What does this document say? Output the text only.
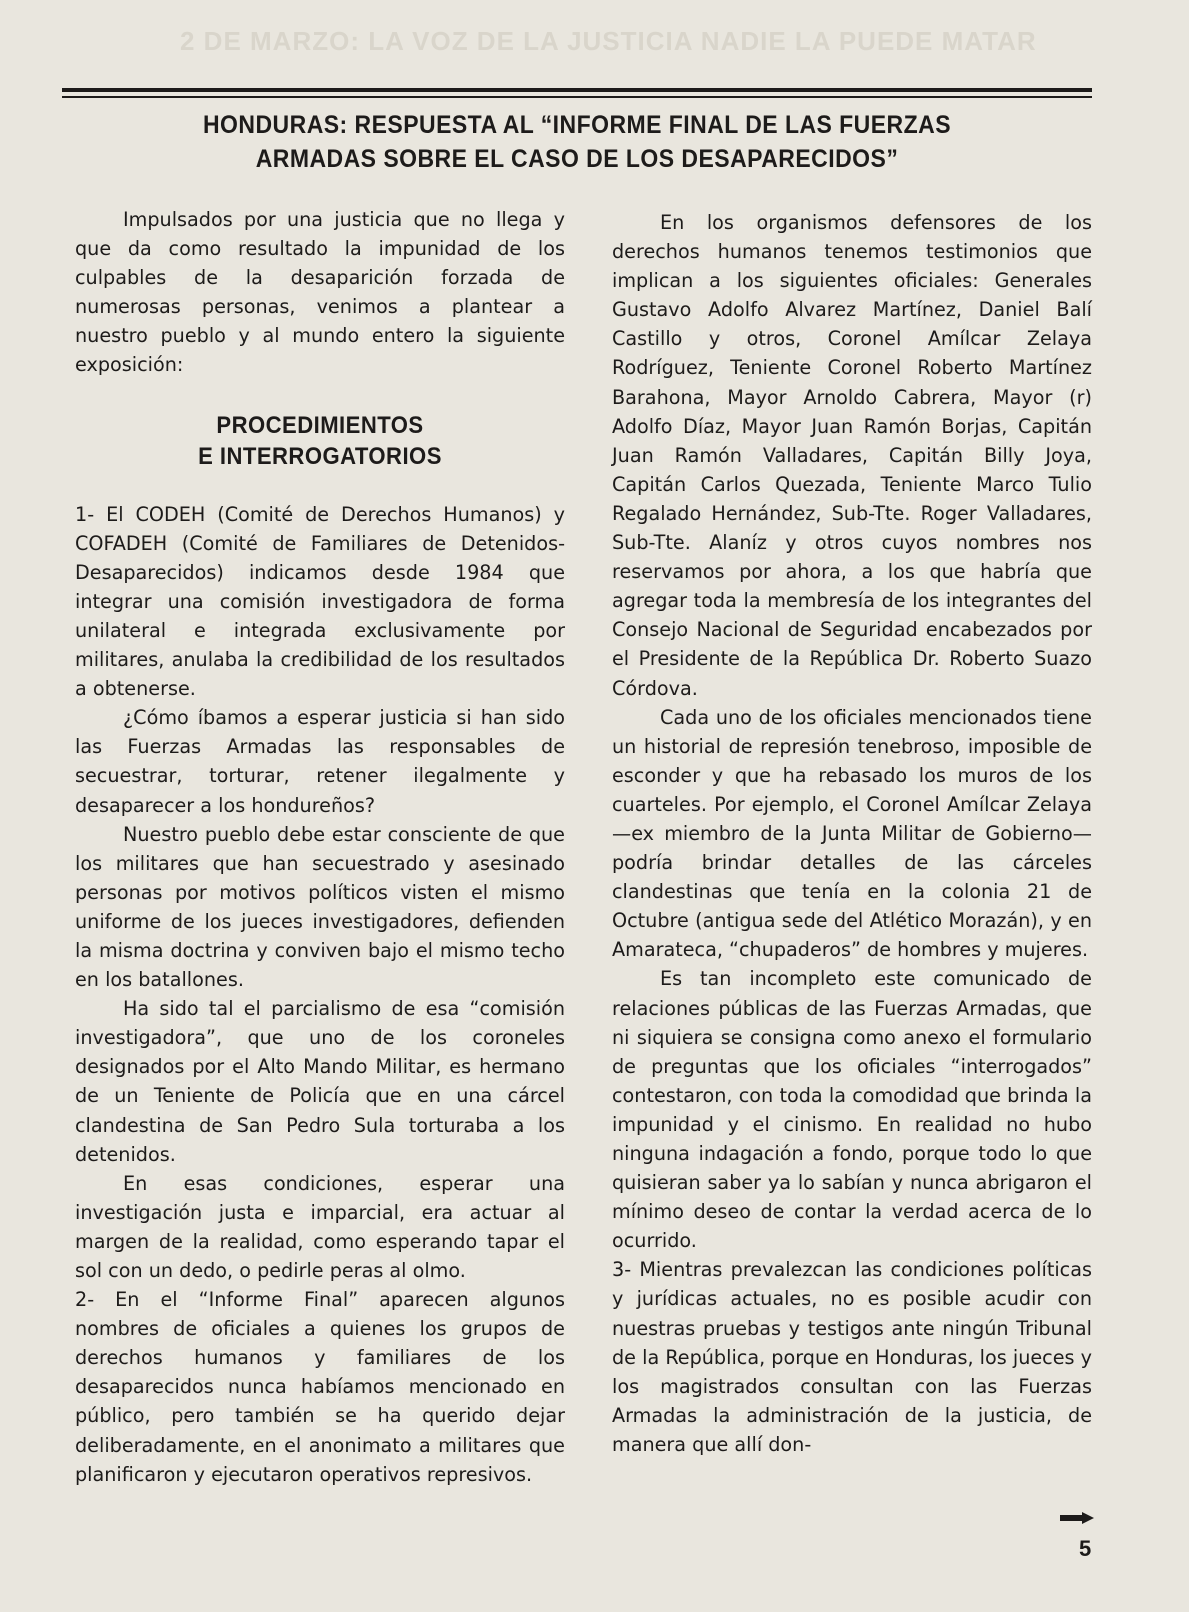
2 DE MARZO: LA VOZ DE LA JUSTICIA NADIE LA PUEDE MATAR
HONDURAS: RESPUESTA AL “INFORME FINAL DE LAS FUERZAS
ARMADAS SOBRE EL CASO DE LOS DESAPARECIDOS”

Impulsados por una justicia que no llega y que da como resultado la impunidad de los culpables de la desaparición forzada de numerosas personas, venimos a plantear a nuestro pueblo y al mundo entero la siguiente exposición:

PROCEDIMIENTOS
E INTERROGATORIOS

1- El CODEH (Comité de Derechos Humanos) y COFADEH (Comité de Familiares de Detenidos-Desaparecidos) indicamos desde 1984 que integrar una comisión investigadora de forma unilateral e integrada exclusivamente por militares, anulaba la credibilidad de los resultados a obtenerse.

¿Cómo íbamos a esperar justicia si han sido las Fuerzas Armadas las responsables de secuestrar, torturar, retener ilegalmente y desaparecer a los hondureños?

Nuestro pueblo debe estar consciente de que los militares que han secuestrado y asesinado personas por motivos políticos visten el mismo uniforme de los jueces investigadores, defienden la misma doctrina y conviven bajo el mismo techo en los batallones.

Ha sido tal el parcialismo de esa “comisión investigadora”, que uno de los coroneles designados por el Alto Mando Militar, es hermano de un Teniente de Policía que en una cárcel clandestina de San Pedro Sula torturaba a los detenidos.

En esas condiciones, esperar una investigación justa e imparcial, era actuar al margen de la realidad, como esperando tapar el sol con un dedo, o pedirle peras al olmo.

2- En el “Informe Final” aparecen algunos nombres de oficiales a quienes los grupos de derechos humanos y familiares de los desaparecidos nunca habíamos mencionado en público, pero también se ha querido dejar deliberadamente, en el anonimato a militares que planificaron y ejecutaron operativos represivos.

En los organismos defensores de los derechos humanos tenemos testimonios que implican a los siguientes oficiales: Generales Gustavo Adolfo Alvarez Martínez, Daniel Balí Castillo y otros, Coronel Amílcar Zelaya Rodríguez, Teniente Coronel Roberto Martínez Barahona, Mayor Arnoldo Cabrera, Mayor (r) Adolfo Díaz, Mayor Juan Ramón Borjas, Capitán Juan Ramón Valladares, Capitán Billy Joya, Capitán Carlos Quezada, Teniente Marco Tulio Regalado Hernández, Sub-Tte. Roger Valladares, Sub-Tte. Alaníz y otros cuyos nombres nos reservamos por ahora, a los que habría que agregar toda la membresía de los integrantes del Consejo Nacional de Seguridad encabezados por el Presidente de la República Dr. Roberto Suazo Córdova.

Cada uno de los oficiales mencionados tiene un historial de represión tenebroso, imposible de esconder y que ha rebasado los muros de los cuarteles. Por ejemplo, el Coronel Amílcar Zelaya —ex miembro de la Junta Militar de Gobierno— podría brindar detalles de las cárceles clandestinas que tenía en la colonia 21 de Octubre (antigua sede del Atlético Morazán), y en Amarateca, “chupaderos” de hombres y mujeres.

Es tan incompleto este comunicado de relaciones públicas de las Fuerzas Armadas, que ni siquiera se consigna como anexo el formulario de preguntas que los oficiales “interrogados” contestaron, con toda la comodidad que brinda la impunidad y el cinismo. En realidad no hubo ninguna indagación a fondo, porque todo lo que quisieran saber ya lo sabían y nunca abrigaron el mínimo deseo de contar la verdad acerca de lo ocurrido.

3- Mientras prevalezcan las condiciones políticas y jurídicas actuales, no es posible acudir con nuestras pruebas y testigos ante ningún Tribunal de la República, porque en Honduras, los jueces y los magistrados consultan con las Fuerzas Armadas la administración de la justicia, de manera que allí don-

5
